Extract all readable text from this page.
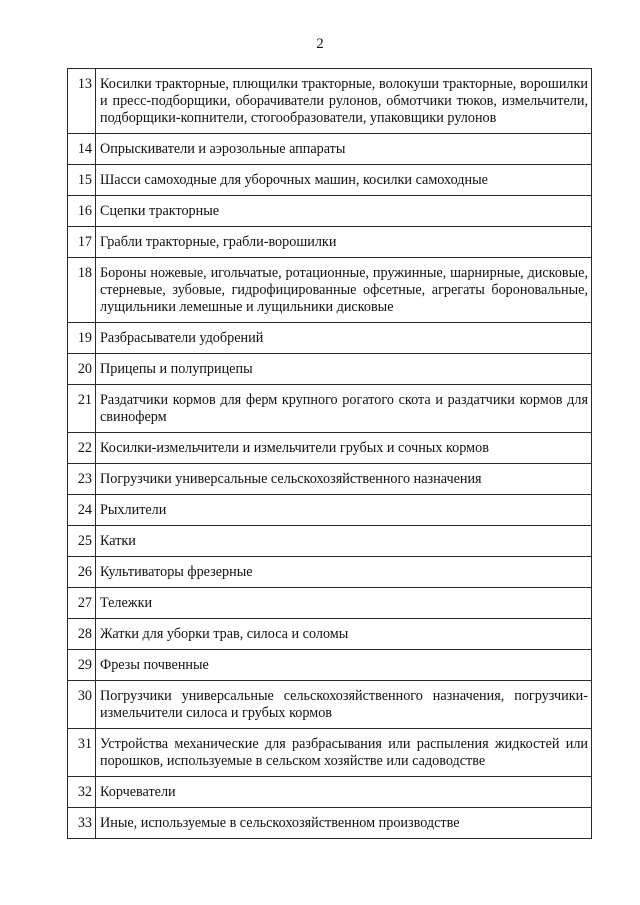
2
13	Косилки тракторные, плющилки тракторные, волокуши тракторные, ворошилки и пресс-подборщики, оборачиватели рулонов, обмотчики тюков, измельчители, подборщики-копнители, стогообразователи, упаковщики рулонов
14	Опрыскиватели и аэрозольные аппараты
15	Шасси самоходные для уборочных машин, косилки самоходные
16	Сцепки тракторные
17	Грабли тракторные, грабли-ворошилки
18	Бороны ножевые, игольчатые, ротационные, пружинные, шарнирные, дисковые, стерневые, зубовые, гидрофицированные офсетные, агрегаты бороновальные, лущильники лемешные и лущильники дисковые
19	Разбрасыватели удобрений
20	Прицепы и полуприцепы
21	Раздатчики кормов для ферм крупного рогатого скота и раздатчики кормов для свиноферм
22	Косилки-измельчители и измельчители грубых и сочных кормов
23	Погрузчики универсальные сельскохозяйственного назначения
24	Рыхлители
25	Катки
26	Культиваторы фрезерные
27	Тележки
28	Жатки для уборки трав, силоса и соломы
29	Фрезы почвенные
30	Погрузчики универсальные сельскохозяйственного назначения, погрузчики-измельчители силоса и грубых кормов
31	Устройства механические для разбрасывания или распыления жидкостей или порошков, используемые в сельском хозяйстве или садоводстве
32	Корчеватели
33	Иные, используемые в сельскохозяйственном производстве
